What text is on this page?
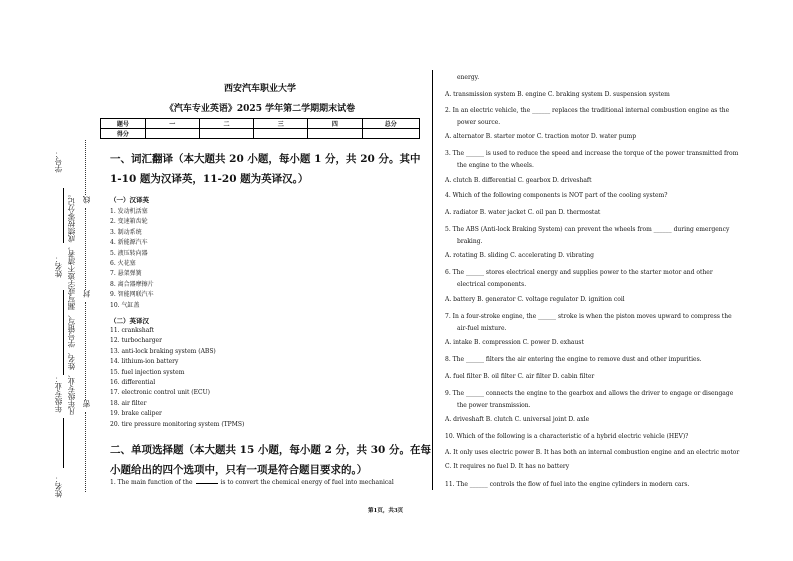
学号：
姓名：
年级专业：
姓名：
凡年级专业、姓名、学号错写、漏写或字迹不清者，成绩按零分记。 线
封
密
西安汽车职业大学
《汽车专业英语》2025 学年第二学期期末试卷
题号	一	二	三	四	总分
得分					
一、词汇翻译（本大题共 20 小题，每小题 1 分，共 20 分。其中
1-10 题为汉译英，11-20 题为英译汉。）
（一）汉译英
1. 发动机活塞
2. 变速箱齿轮
3. 制动系统
4. 新能源汽车
5. 液压转向器
6. 火花塞
7. 悬架弹簧
8. 离合器摩擦片
9. 智能网联汽车
10. 气缸盖
（二）英译汉
11. crankshaft
12. turbocharger
13. anti-lock braking system (ABS)
14. lithium-ion battery
15. fuel injection system
16. differential
17. electronic control unit (ECU)
18. air filter
19. brake caliper
20. tire pressure monitoring system (TPMS)
二、单项选择题（本大题共 15 小题，每小题 2 分，共 30 分。在每
小题给出的四个选项中，只有一项是符合题目要求的。）
1. The main function of the	is to convert the chemical energy of fuel into mechanical
energy.
A. transmission system B. engine C. braking system D. suspension system
2. In an electric vehicle, the ______ replaces the traditional internal combustion engine as the
power source.
A. alternator B. starter motor C. traction motor D. water pump
3. The ______ is used to reduce the speed and increase the torque of the power transmitted from
the engine to the wheels.
A. clutch B. differential C. gearbox D. driveshaft
4. Which of the following components is NOT part of the cooling system?
A. radiator B. water jacket C. oil pan D. thermostat
5. The ABS (Anti-lock Braking System) can prevent the wheels from ______ during emergency
braking.
A. rotating B. sliding C. accelerating D. vibrating
6. The ______ stores electrical energy and supplies power to the starter motor and other
electrical components.
A. battery B. generator C. voltage regulator D. ignition coil
7. In a four-stroke engine, the ______ stroke is when the piston moves upward to compress the
air-fuel mixture.
A. intake B. compression C. power D. exhaust
8. The ______ filters the air entering the engine to remove dust and other impurities.
A. fuel filter B. oil filter C. air filter D. cabin filter
9. The ______ connects the engine to the gearbox and allows the driver to engage or disengage
the power transmission.
A. driveshaft B. clutch C. universal joint D. axle
10. Which of the following is a characteristic of a hybrid electric vehicle (HEV)?
A. It only uses electric power B. It has both an internal combustion engine and an electric motor
C. It requires no fuel D. It has no battery
11. The ______ controls the flow of fuel into the engine cylinders in modern cars.
第1页，共3页
